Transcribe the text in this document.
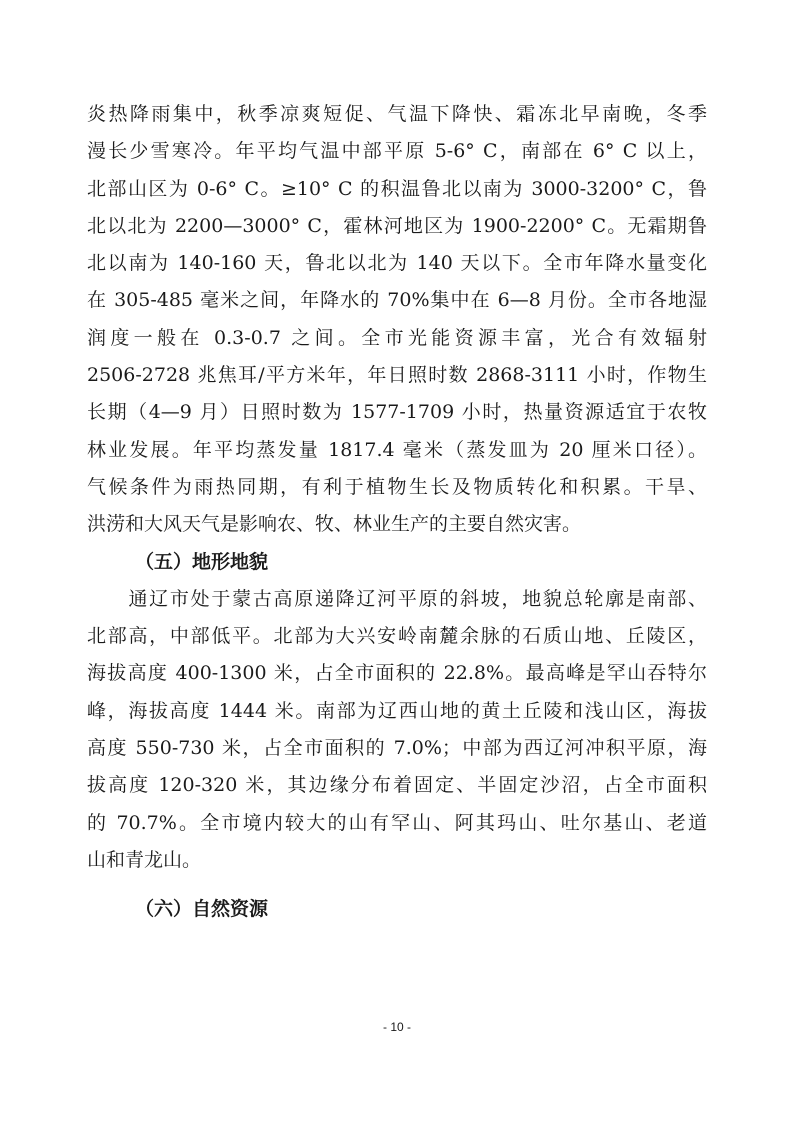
炎热降雨集中，秋季凉爽短促、气温下降快、霜冻北早南晚，冬季
漫长少雪寒冷。年平均气温中部平原 5-6° C，南部在 6° C 以上，
北部山区为 0-6° C。≥10° C 的积温鲁北以南为 3000-3200° C，鲁
北以北为 2200—3000° C，霍林河地区为 1900-2200° C。无霜期鲁
北以南为 140-160 天，鲁北以北为 140 天以下。全市年降水量变化
在 305-485 毫米之间，年降水的 70%集中在 6—8 月份。全市各地湿
润度一般在 0.3-0.7 之间。全市光能资源丰富，光合有效辐射
2506-2728 兆焦耳/平方米年，年日照时数 2868-3111 小时，作物生
长期（4—9 月）日照时数为 1577-1709 小时，热量资源适宜于农牧
林业发展。年平均蒸发量 1817.4 毫米（蒸发皿为 20 厘米口径）。
气候条件为雨热同期，有利于植物生长及物质转化和积累。干旱、
洪涝和大风天气是影响农、牧、林业生产的主要自然灾害。
（五）地形地貌
　　通辽市处于蒙古高原递降辽河平原的斜坡，地貌总轮廓是南部、
北部高，中部低平。北部为大兴安岭南麓余脉的石质山地、丘陵区，
海拔高度 400-1300 米，占全市面积的 22.8%。最高峰是罕山吞特尔
峰，海拔高度 1444 米。南部为辽西山地的黄土丘陵和浅山区，海拔
高度 550-730 米，占全市面积的 7.0%；中部为西辽河冲积平原，海
拔高度 120-320 米，其边缘分布着固定、半固定沙沼，占全市面积
的 70.7%。全市境内较大的山有罕山、阿其玛山、吐尔基山、老道
山和青龙山。
（六）自然资源
- 10 -
